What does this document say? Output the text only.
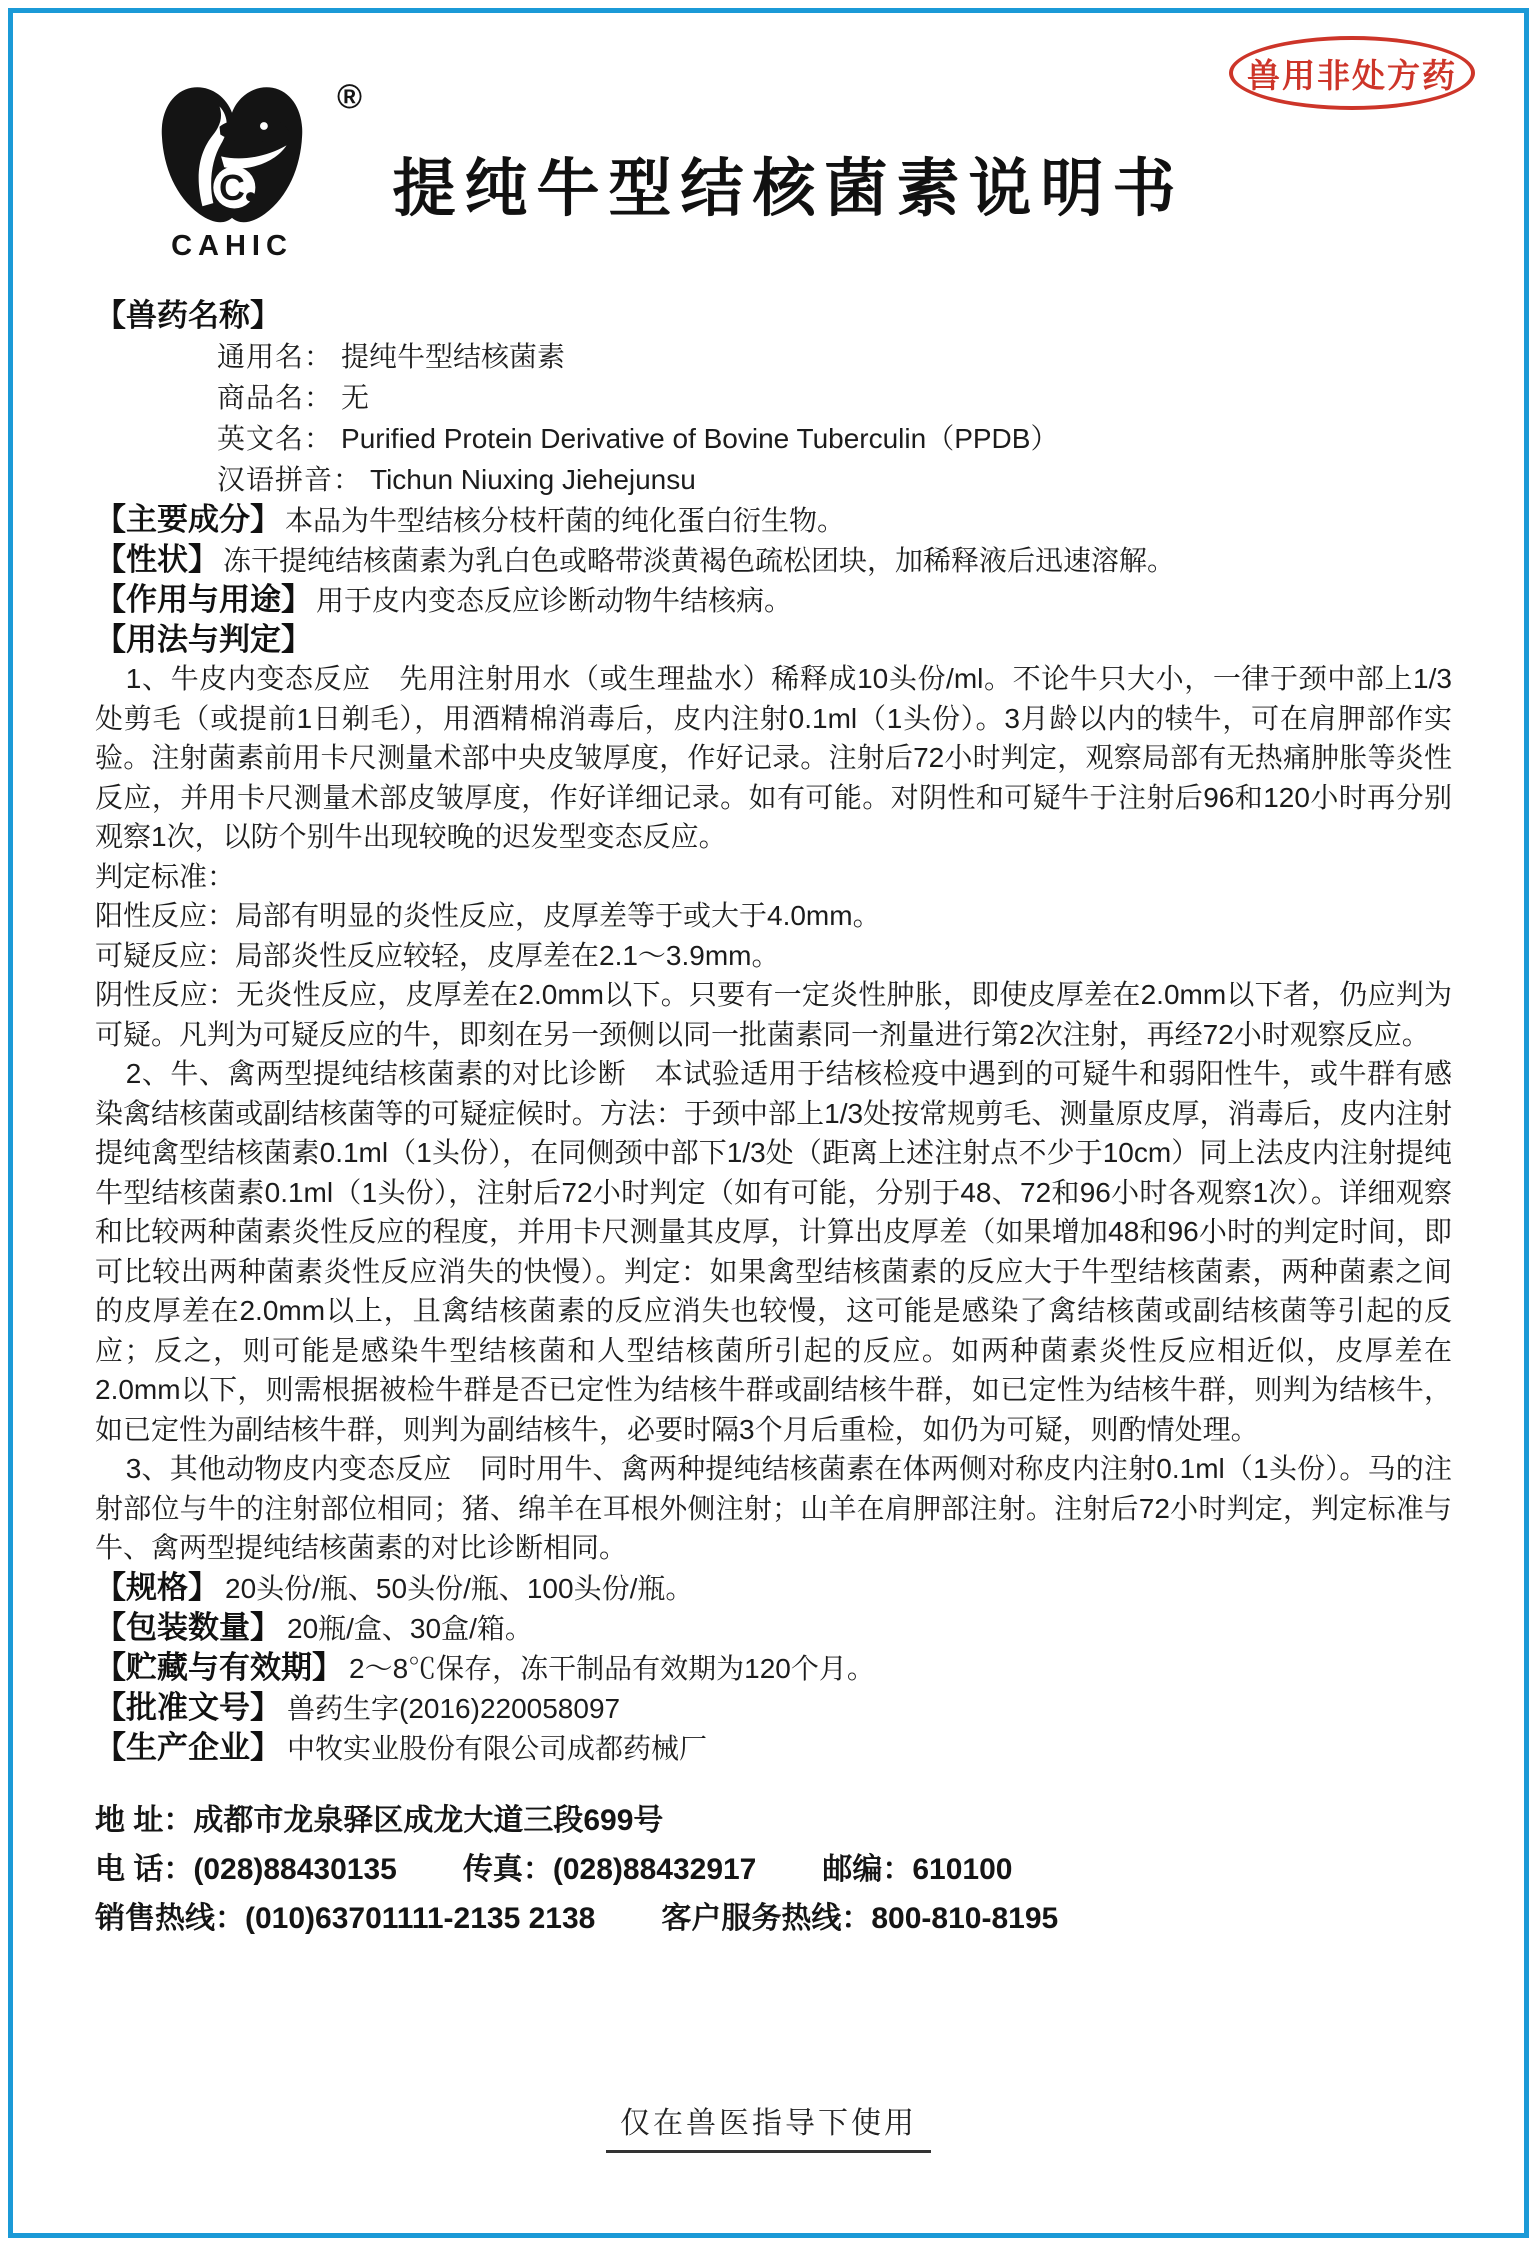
®
C
CAHIC
提纯牛型结核菌素说明书
兽用非处方药
【兽药名称】
通用名： 提纯牛型结核菌素
商品名： 无
英文名： Purified Protein Derivative of Bovine Tuberculin（PPDB）
汉语拼音： Tichun Niuxing Jiehejunsu
【主要成分】 本品为牛型结核分枝杆菌的纯化蛋白衍生物。
【性状】 冻干提纯结核菌素为乳白色或略带淡黄褐色疏松团块，加稀释液后迅速溶解。
【作用与用途】 用于皮内变态反应诊断动物牛结核病。
【用法与判定】

1、牛皮内变态反应　先用注射用水（或生理盐水）稀释成10头份/ml。不论牛只大小，一律于颈中部上1/3处剪毛（或提前1日剃毛），用酒精棉消毒后，皮内注射0.1ml（1头份）。3月龄以内的犊牛，可在肩胛部作实验。注射菌素前用卡尺测量术部中央皮皱厚度，作好记录。注射后72小时判定，观察局部有无热痛肿胀等炎性反应，并用卡尺测量术部皮皱厚度，作好详细记录。如有可能。对阴性和可疑牛于注射后96和120小时再分别观察1次，以防个别牛出现较晚的迟发型变态反应。

判定标准：

阳性反应：局部有明显的炎性反应，皮厚差等于或大于4.0mm。

可疑反应：局部炎性反应较轻，皮厚差在2.1～3.9mm。

阴性反应：无炎性反应，皮厚差在2.0mm以下。只要有一定炎性肿胀，即使皮厚差在2.0mm以下者，仍应判为可疑。凡判为可疑反应的牛，即刻在另一颈侧以同一批菌素同一剂量进行第2次注射，再经72小时观察反应。

2、牛、禽两型提纯结核菌素的对比诊断　本试验适用于结核检疫中遇到的可疑牛和弱阳性牛，或牛群有感染禽结核菌或副结核菌等的可疑症候时。方法：于颈中部上1/3处按常规剪毛、测量原皮厚，消毒后，皮内注射提纯禽型结核菌素0.1ml（1头份），在同侧颈中部下1/3处（距离上述注射点不少于10cm）同上法皮内注射提纯牛型结核菌素0.1ml（1头份），注射后72小时判定（如有可能，分别于48、72和96小时各观察1次）。详细观察和比较两种菌素炎性反应的程度，并用卡尺测量其皮厚，计算出皮厚差（如果增加48和96小时的判定时间，即可比较出两种菌素炎性反应消失的快慢）。判定：如果禽型结核菌素的反应大于牛型结核菌素，两种菌素之间的皮厚差在2.0mm以上，且禽结核菌素的反应消失也较慢，这可能是感染了禽结核菌或副结核菌等引起的反应；反之，则可能是感染牛型结核菌和人型结核菌所引起的反应。如两种菌素炎性反应相近似，皮厚差在2.0mm以下，则需根据被检牛群是否已定性为结核牛群或副结核牛群，如已定性为结核牛群，则判为结核牛，如已定性为副结核牛群，则判为副结核牛，必要时隔3个月后重检，如仍为可疑，则酌情处理。

3、其他动物皮内变态反应　同时用牛、禽两种提纯结核菌素在体两侧对称皮内注射0.1ml（1头份）。马的注射部位与牛的注射部位相同；猪、绵羊在耳根外侧注射；山羊在肩胛部注射。注射后72小时判定，判定标准与牛、禽两型提纯结核菌素的对比诊断相同。

【规格】 20头份/瓶、50头份/瓶、100头份/瓶。
【包装数量】 20瓶/盒、30盒/箱。
【贮藏与有效期】 2～8℃保存，冻干制品有效期为120个月。
【批准文号】 兽药生字(2016)220058097
【生产企业】 中牧实业股份有限公司成都药械厂
地 址：成都市龙泉驿区成龙大道三段699号
电 话：(028)88430135 传真：(028)88432917 邮编：610100
销售热线：(010)63701111-2135 2138 客户服务热线：800-810-8195
仅在兽医指导下使用
